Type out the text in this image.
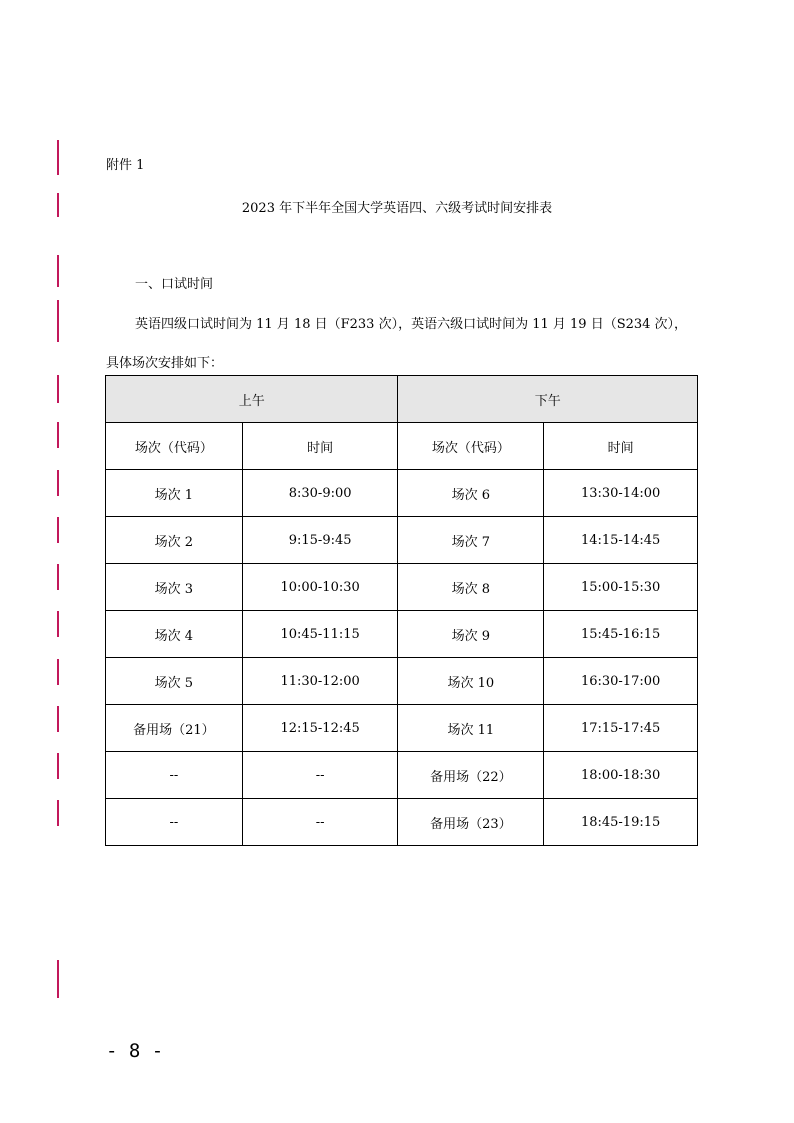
附件 1
2023 年下半年全国大学英语四、六级考试时间安排表
一、口试时间
英语四级口试时间为 11 月 18 日（F233 次），英语六级口试时间为 11 月 19 日（S234 次），
具体场次安排如下：
上午		下午	
场次（代码）	时间	场次（代码）	时间
场次 1	8:30-9:00	场次 6	13:30-14:00
场次 2	9:15-9:45	场次 7	14:15-14:45
场次 3	10:00-10:30	场次 8	15:00-15:30
场次 4	10:45-11:15	场次 9	15:45-16:15
场次 5	11:30-12:00	场次 10	16:30-17:00
备用场（21）	12:15-12:45	场次 11	17:15-17:45
--	--	备用场（22）	18:00-18:30
--	--	备用场（23）	18:45-19:15
- 8 -
